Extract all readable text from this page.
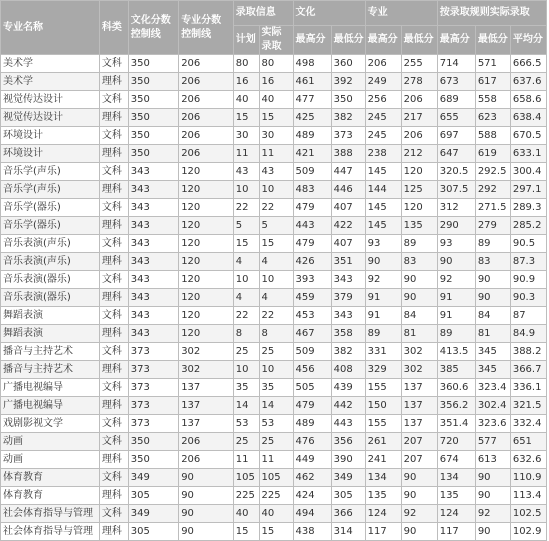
专业名称	科类	文化分数控制线	专业分数控制线	录取信息		文化		专业		按录取规则实际录取		
				计划	实际录取	最高分	最低分	最高分	最低分	最高分	最低分	平均分
美术学	文科	350	206	80	80	498	360	206	255	714	571	666.5
美术学	理科	350	206	16	16	461	392	249	278	673	617	637.6
视觉传达设计	文科	350	206	40	40	477	350	256	206	689	558	658.6
视觉传达设计	理科	350	206	15	15	425	382	245	217	655	623	638.4
环境设计	文科	350	206	30	30	489	373	245	206	697	588	670.5
环境设计	理科	350	206	11	11	421	388	238	212	647	619	633.1
音乐学(声乐)	文科	343	120	43	43	509	447	145	120	320.5	292.5	300.4
音乐学(声乐)	理科	343	120	10	10	483	446	144	125	307.5	292	297.1
音乐学(器乐)	文科	343	120	22	22	479	407	145	120	312	271.5	289.3
音乐学(器乐)	理科	343	120	5	5	443	422	145	135	290	279	285.2
音乐表演(声乐)	文科	343	120	15	15	479	407	93	89	93	89	90.5
音乐表演(声乐)	理科	343	120	4	4	426	351	90	83	90	83	87.3
音乐表演(器乐)	文科	343	120	10	10	393	343	92	90	92	90	90.9
音乐表演(器乐)	理科	343	120	4	4	459	379	91	90	91	90	90.3
舞蹈表演	文科	343	120	22	22	453	343	91	84	91	84	87
舞蹈表演	理科	343	120	8	8	467	358	89	81	89	81	84.9
播音与主持艺术	文科	373	302	25	25	509	382	331	302	413.5	345	388.2
播音与主持艺术	理科	373	302	10	10	456	408	329	302	385	345	366.7
广播电视编导	文科	373	137	35	35	505	439	155	137	360.6	323.4	336.1
广播电视编导	理科	373	137	14	14	479	442	150	137	356.2	302.4	321.5
戏剧影视文学	文科	373	137	53	53	489	443	155	137	351.4	323.6	332.4
动画	文科	350	206	25	25	476	356	261	207	720	577	651
动画	理科	350	206	11	11	449	390	241	207	674	613	632.6
体育教育	文科	349	90	105	105	462	349	134	90	134	90	110.9
体育教育	理科	305	90	225	225	424	305	135	90	135	90	113.4
社会体育指导与管理	文科	349	90	40	40	494	366	124	92	124	92	102.5
社会体育指导与管理	理科	305	90	15	15	438	314	117	90	117	90	102.9
